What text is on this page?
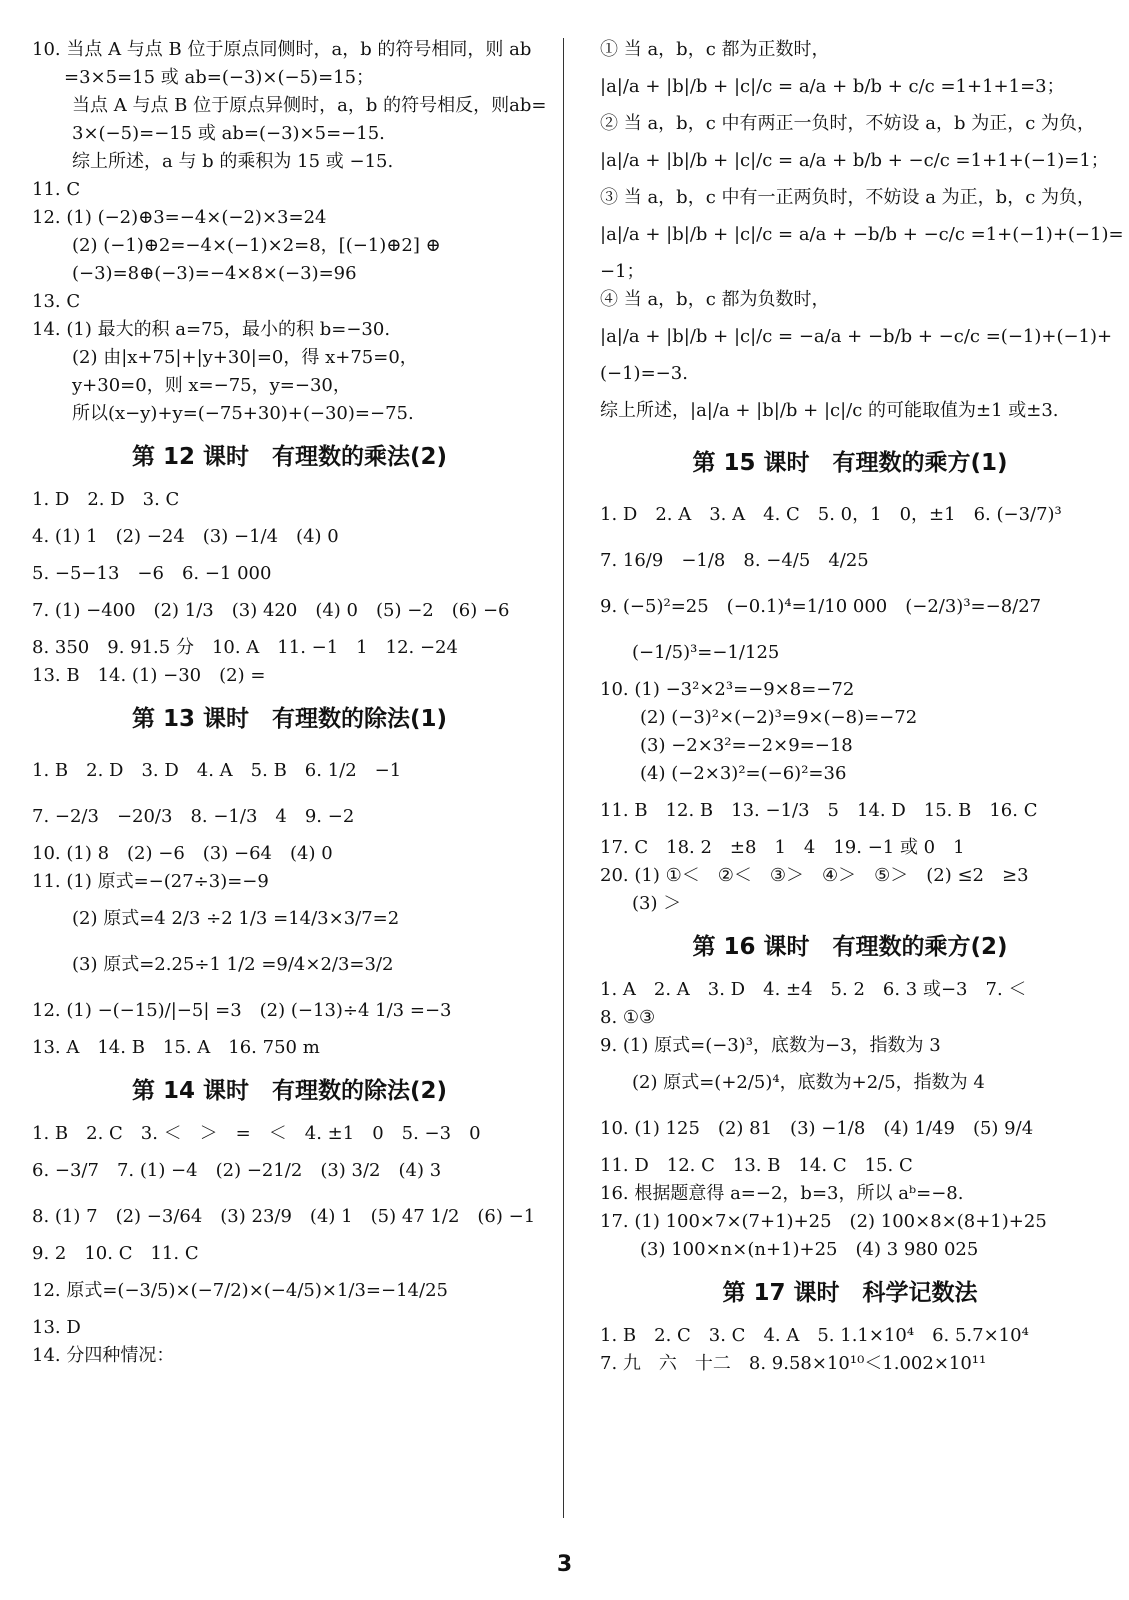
10. 当点 A 与点 B 位于原点同侧时，a，b 的符号相同，则 ab
=3×5=15 或 ab=(−3)×(−5)=15；
当点 A 与点 B 位于原点异侧时，a，b 的符号相反，则ab=
3×(−5)=−15 或 ab=(−3)×5=−15.
综上所述，a 与 b 的乘积为 15 或 −15.
11. C
12. (1) (−2)⊕3=−4×(−2)×3=24
(2) (−1)⊕2=−4×(−1)×2=8，[(−1)⊕2] ⊕
(−3)=8⊕(−3)=−4×8×(−3)=96
13. C
14. (1) 最大的积 a=75，最小的积 b=−30.
(2) 由|x+75|+|y+30|=0，得 x+75=0，
y+30=0，则 x=−75，y=−30，
所以(x−y)+y=(−75+30)+(−30)=−75.
第 12 课时　有理数的乘法(2)
1. D　2. D　3. C
4. (1) 1　(2) −24　(3) −1/4　(4) 0
5. −5−13　−6　6. −1 000
7. (1) −400　(2) 1/3　(3) 420　(4) 0　(5) −2　(6) −6
8. 350　9. 91.5 分　10. A　11. −1　1　12. −24
13. B　14. (1) −30　(2) =
第 13 课时　有理数的除法(1)
1. B　2. D　3. D　4. A　5. B　6. 1/2　−1
7. −2/3　−20/3　8. −1/3　4　9. −2
10. (1) 8　(2) −6　(3) −64　(4) 0
11. (1) 原式=−(27÷3)=−9
(2) 原式=4 2/3 ÷2 1/3 =14/3×3/7=2
(3) 原式=2.25÷1 1/2 =9/4×2/3=3/2
12. (1) −(−15)/|−5| =3　(2) (−13)÷4 1/3 =−3
13. A　14. B　15. A　16. 750 m
第 14 课时　有理数的除法(2)
1. B　2. C　3. ＜　＞　=　＜　4. ±1　0　5. −3　0
6. −3/7　7. (1) −4　(2) −21/2　(3) 3/2　(4) 3
8. (1) 7　(2) −3/64　(3) 23/9　(4) 1　(5) 47 1/2　(6) −1
9. 2　10. C　11. C
12. 原式=(−3/5)×(−7/2)×(−4/5)×1/3=−14/25
13. D
14. 分四种情况：
① 当 a，b，c 都为正数时，
|a|/a + |b|/b + |c|/c = a/a + b/b + c/c =1+1+1=3；
② 当 a，b，c 中有两正一负时，不妨设 a，b 为正，c 为负，
|a|/a + |b|/b + |c|/c = a/a + b/b + −c/c =1+1+(−1)=1；
③ 当 a，b，c 中有一正两负时，不妨设 a 为正，b，c 为负，
|a|/a + |b|/b + |c|/c = a/a + −b/b + −c/c =1+(−1)+(−1)=
−1；
④ 当 a，b，c 都为负数时，
|a|/a + |b|/b + |c|/c = −a/a + −b/b + −c/c =(−1)+(−1)+
(−1)=−3.
综上所述，|a|/a + |b|/b + |c|/c 的可能取值为±1 或±3.
第 15 课时　有理数的乘方(1)
1. D　2. A　3. A　4. C　5. 0，1　0，±1　6. (−3/7)³
7. 16/9　−1/8　8. −4/5　4/25
9. (−5)²=25　(−0.1)⁴=1/10 000　(−2/3)³=−8/27
(−1/5)³=−1/125
10. (1) −3²×2³=−9×8=−72
(2) (−3)²×(−2)³=9×(−8)=−72
(3) −2×3²=−2×9=−18
(4) (−2×3)²=(−6)²=36
11. B　12. B　13. −1/3　5　14. D　15. B　16. C
17. C　18. 2　±8　1　4　19. −1 或 0　1
20. (1) ①＜　②＜　③＞　④＞　⑤＞　(2) ≤2　≥3
(3) ＞
第 16 课时　有理数的乘方(2)
1. A　2. A　3. D　4. ±4　5. 2　6. 3 或−3　7. ＜
8. ①③
9. (1) 原式=(−3)³，底数为−3，指数为 3
(2) 原式=(+2/5)⁴，底数为+2/5，指数为 4
10. (1) 125　(2) 81　(3) −1/8　(4) 1/49　(5) 9/4
11. D　12. C　13. B　14. C　15. C
16. 根据题意得 a=−2，b=3，所以 aᵇ=−8.
17. (1) 100×7×(7+1)+25　(2) 100×8×(8+1)+25
(3) 100×n×(n+1)+25　(4) 3 980 025
第 17 课时　科学记数法
1. B　2. C　3. C　4. A　5. 1.1×10⁴　6. 5.7×10⁴
7. 九　六　十二　8. 9.58×10¹⁰＜1.002×10¹¹
3
